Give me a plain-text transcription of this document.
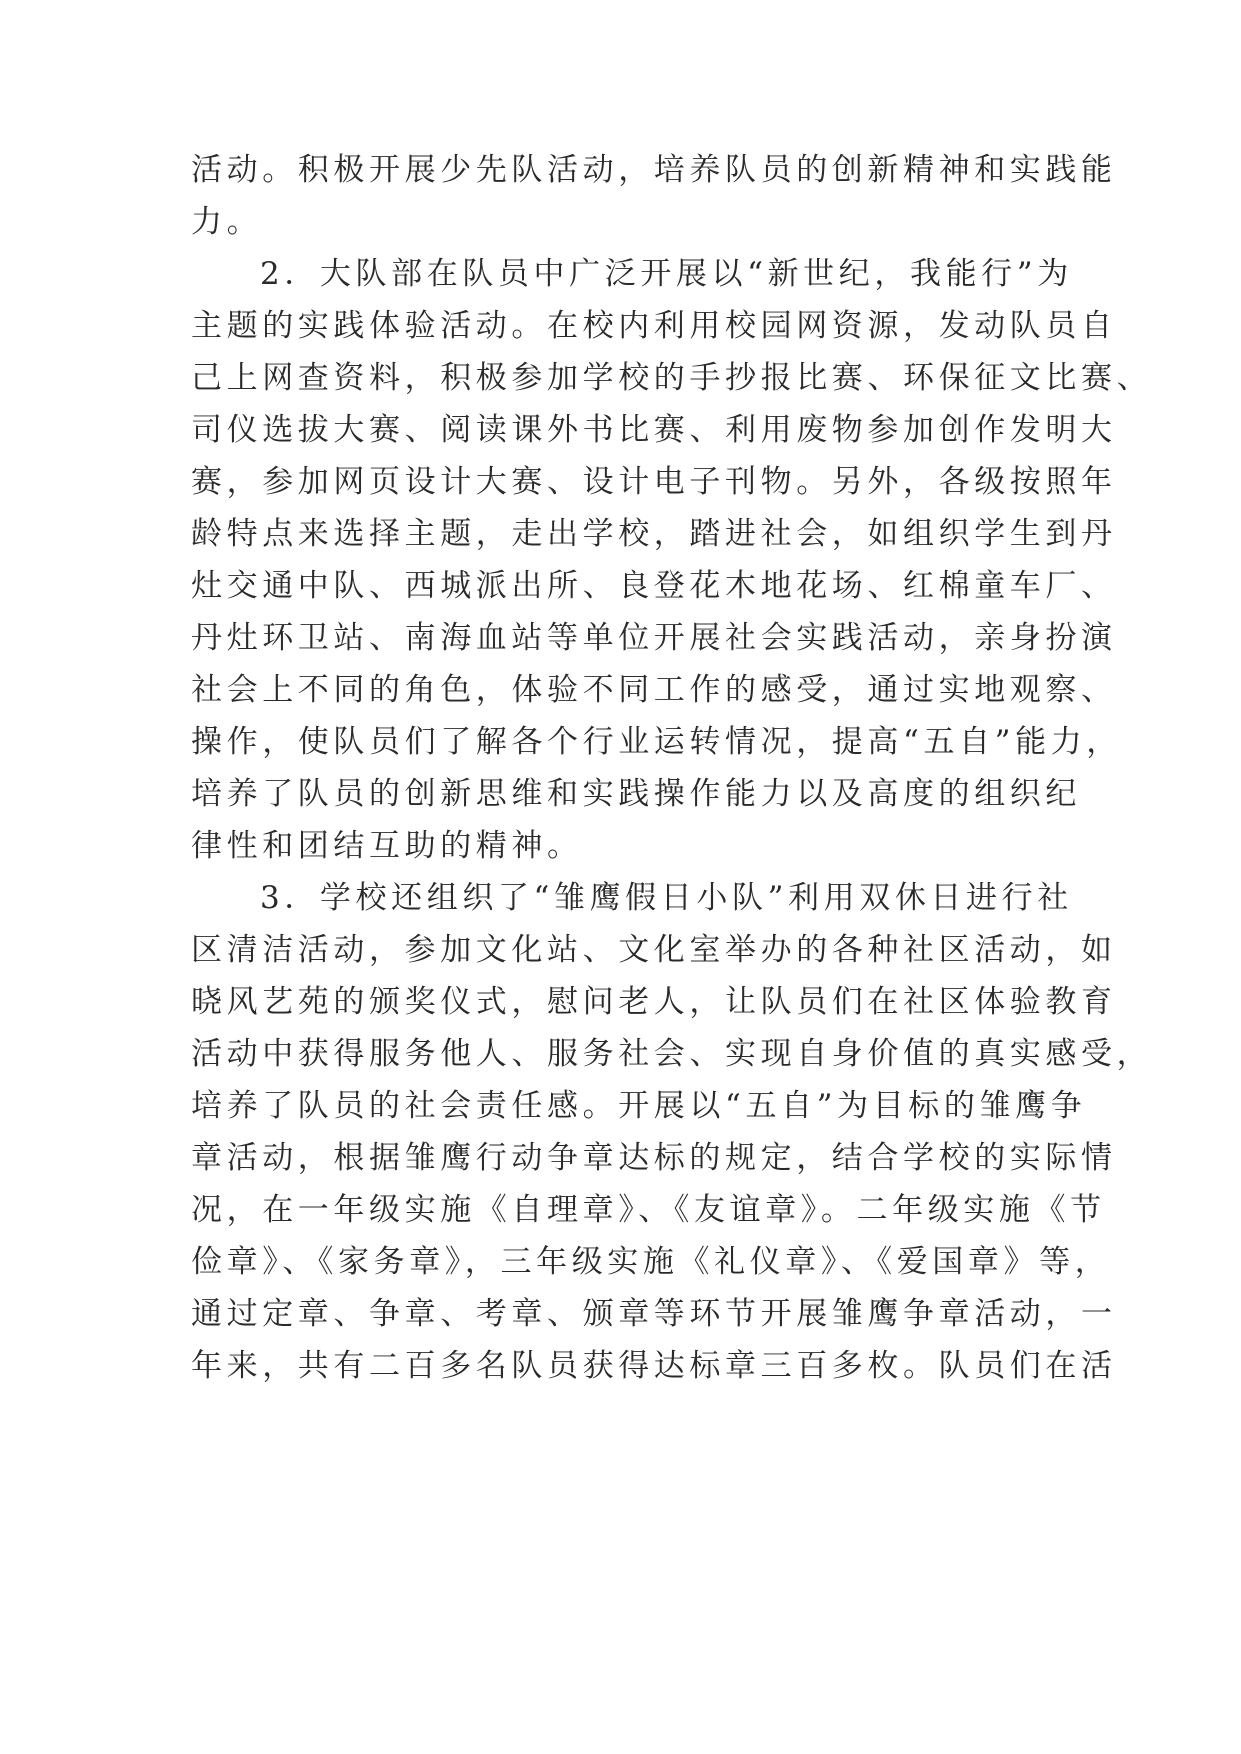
活动。积极开展少先队活动，培养队员的创新精神和实践能
力。
2．大队部在队员中广泛开展以“新世纪，我能行”为
主题的实践体验活动。在校内利用校园网资源，发动队员自
己上网查资料，积极参加学校的手抄报比赛、环保征文比赛、
司仪选拔大赛、阅读课外书比赛、利用废物参加创作发明大
赛，参加网页设计大赛、设计电子刊物。另外，各级按照年
龄特点来选择主题，走出学校，踏进社会，如组织学生到丹
灶交通中队、西城派出所、良登花木地花场、红棉童车厂、
丹灶环卫站、南海血站等单位开展社会实践活动，亲身扮演
社会上不同的角色，体验不同工作的感受，通过实地观察、
操作，使队员们了解各个行业运转情况，提高“五自”能力，
培养了队员的创新思维和实践操作能力以及高度的组织纪
律性和团结互助的精神。
3．学校还组织了“雏鹰假日小队”利用双休日进行社
区清洁活动，参加文化站、文化室举办的各种社区活动，如
晓风艺苑的颁奖仪式，慰问老人，让队员们在社区体验教育
活动中获得服务他人、服务社会、实现自身价值的真实感受，
培养了队员的社会责任感。开展以“五自”为目标的雏鹰争
章活动，根据雏鹰行动争章达标的规定，结合学校的实际情
况，在一年级实施《自理章》、《友谊章》。二年级实施《节
俭章》、《家务章》，三年级实施《礼仪章》、《爱国章》等，
通过定章、争章、考章、颁章等环节开展雏鹰争章活动，一
年来，共有二百多名队员获得达标章三百多枚。队员们在活
